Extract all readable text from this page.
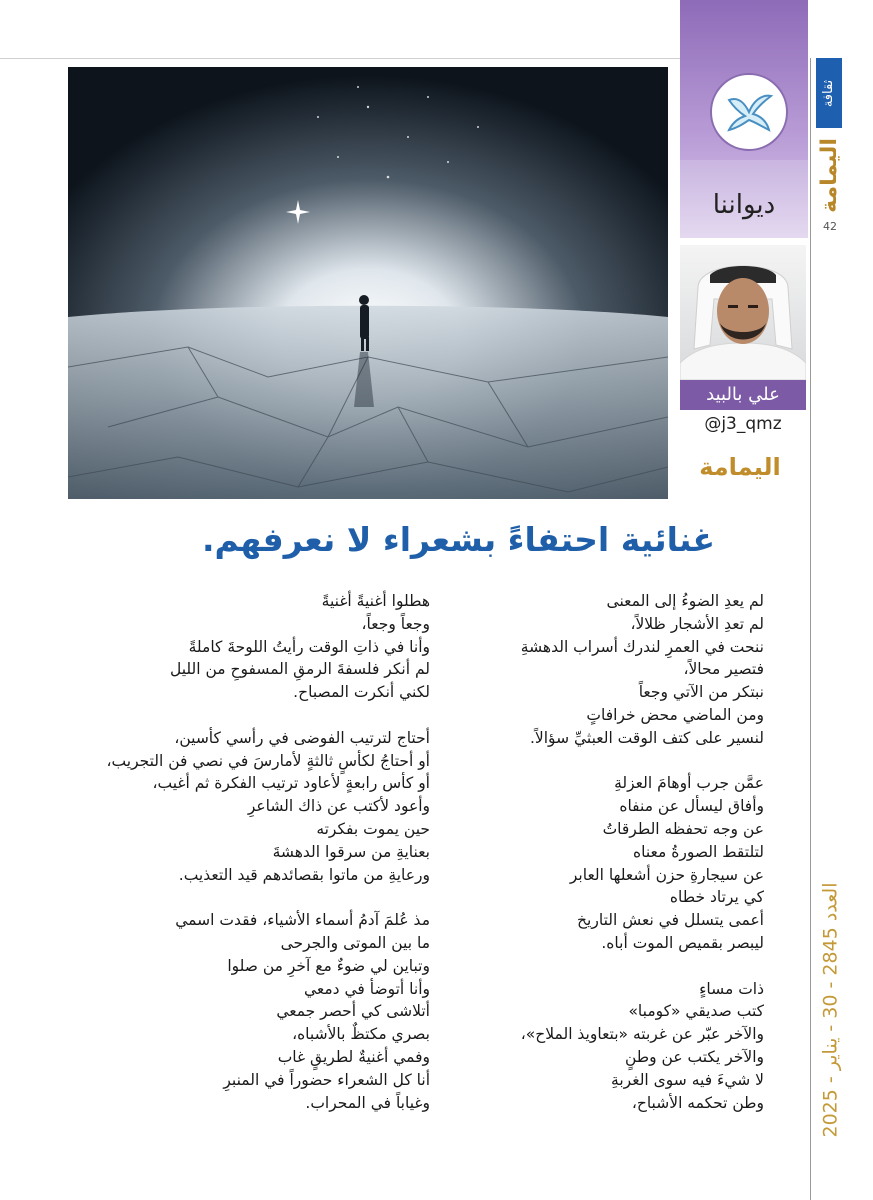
ثقافة
اليمامة
42
العدد 2845 - 30 - يناير - 2025
ديواننا
علي بالبيد
@j3_qmz
اليمامة
غنائية احتفاءً بشعراء لا نعرفهم.
لم يعدِ الضوءُ إلى المعنى
لم تعدِ الأشجار ظلالاً،
ننحت في العمرِ لندرك أسراب الدهشةِ
فتصير محالاً،
نبتكر من الآتي وجعاً
ومن الماضي محض خرافاتٍ
لنسير على كتف الوقت العبثيِّ سؤالاً.
عمَّن جرب أوهامَ العزلةِ
وأفاق ليسأل عن منفاه
عن وجه تحفظه الطرقاتُ
لتلتقط الصورةُ معناه
عن سيجارةِ حزن أشعلها العابر
كي يرتاد خطاه
أعمى يتسلل في نعش التاريخ
ليبصر بقميص الموت أباه.
ذات مساءٍ
كتب صديقي «كومبا»
والآخر عبّر عن غربته «بتعاويذ الملاح»،
والآخر يكتب عن وطنٍ
لا شيءَ فيه سوى الغربةِ
وطن تحكمه الأشباح،
هطلوا أغنيةً أغنيةً
وجعاً وجعاً،
وأنا في ذاتِ الوقت رأيتُ اللوحةَ كاملةً
لم أنكر فلسفةَ الرمقِ المسفوحِ من الليل
لكني أنكرت المصباح.
أحتاج لترتيب الفوضى في رأسي كأسين،
أو أحتاجُ لكأسٍ ثالثةٍ لأمارسَ في نصي فن التجريب،
أو كأس رابعةٍ لأعاود ترتيب الفكرة ثم أغيب،
وأعود لأكتب عن ذاك الشاعرِ
حين يموت بفكرته
بعنايةِ من سرقوا الدهشةَ
ورعايةِ من ماتوا بقصائدهم قيد التعذيب.
مذ عُلمَ آدمُ أسماء الأشياء، فقدت اسمي
ما بين الموتى والجرحى
وتباين لي ضوءٌ مع آخرِ من صلوا
وأنا أتوضأ في دمعي
أتلاشى كي أحصر جمعي
بصري مكتظٌ بالأشباه،
وفمي أغنيةٌ لطريقٍ غاب
أنا كل الشعراء حضوراً في المنبرِ
وغياباً في المحراب.
